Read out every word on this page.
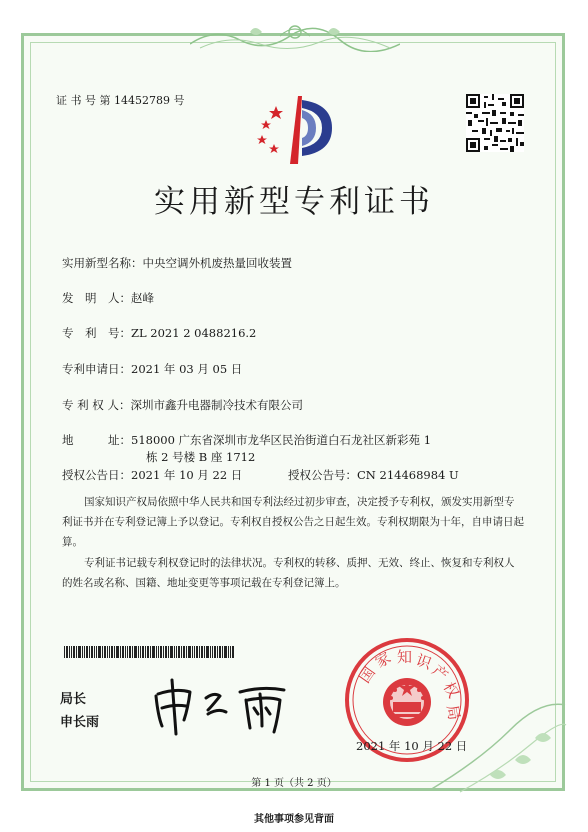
证 书 号 第 14452789 号
实用新型专利证书
实用新型名称：中央空调外机废热量回收装置
发　明　人：赵峰
专　利　号：ZL 2021 2 0488216.2
专利申请日：2021 年 03 月 05 日
专 利 权 人：深圳市鑫升电器制冷技术有限公司
地　　　址：518000 广东省深圳市龙华区民治街道白石龙社区新彩苑 1
栋 2 号楼 B 座 1712
授权公告日：2021 年 10 月 22 日	授权公告号：CN 214468984 U
国家知识产权局依照中华人民共和国专利法经过初步审查，决定授予专利权，颁发实用新型专利证书并在专利登记簿上予以登记。专利权自授权公告之日起生效。专利权期限为十年，自申请日起算。
专利证书记载专利权登记时的法律状况。专利权的转移、质押、无效、终止、恢复和专利权人的姓名或名称、国籍、地址变更等事项记载在专利登记簿上。
局长
申长雨
国
家 知 识
产
权
局
2021 年 10 月 22 日
第 1 页（共 2 页）
其他事项参见背面
